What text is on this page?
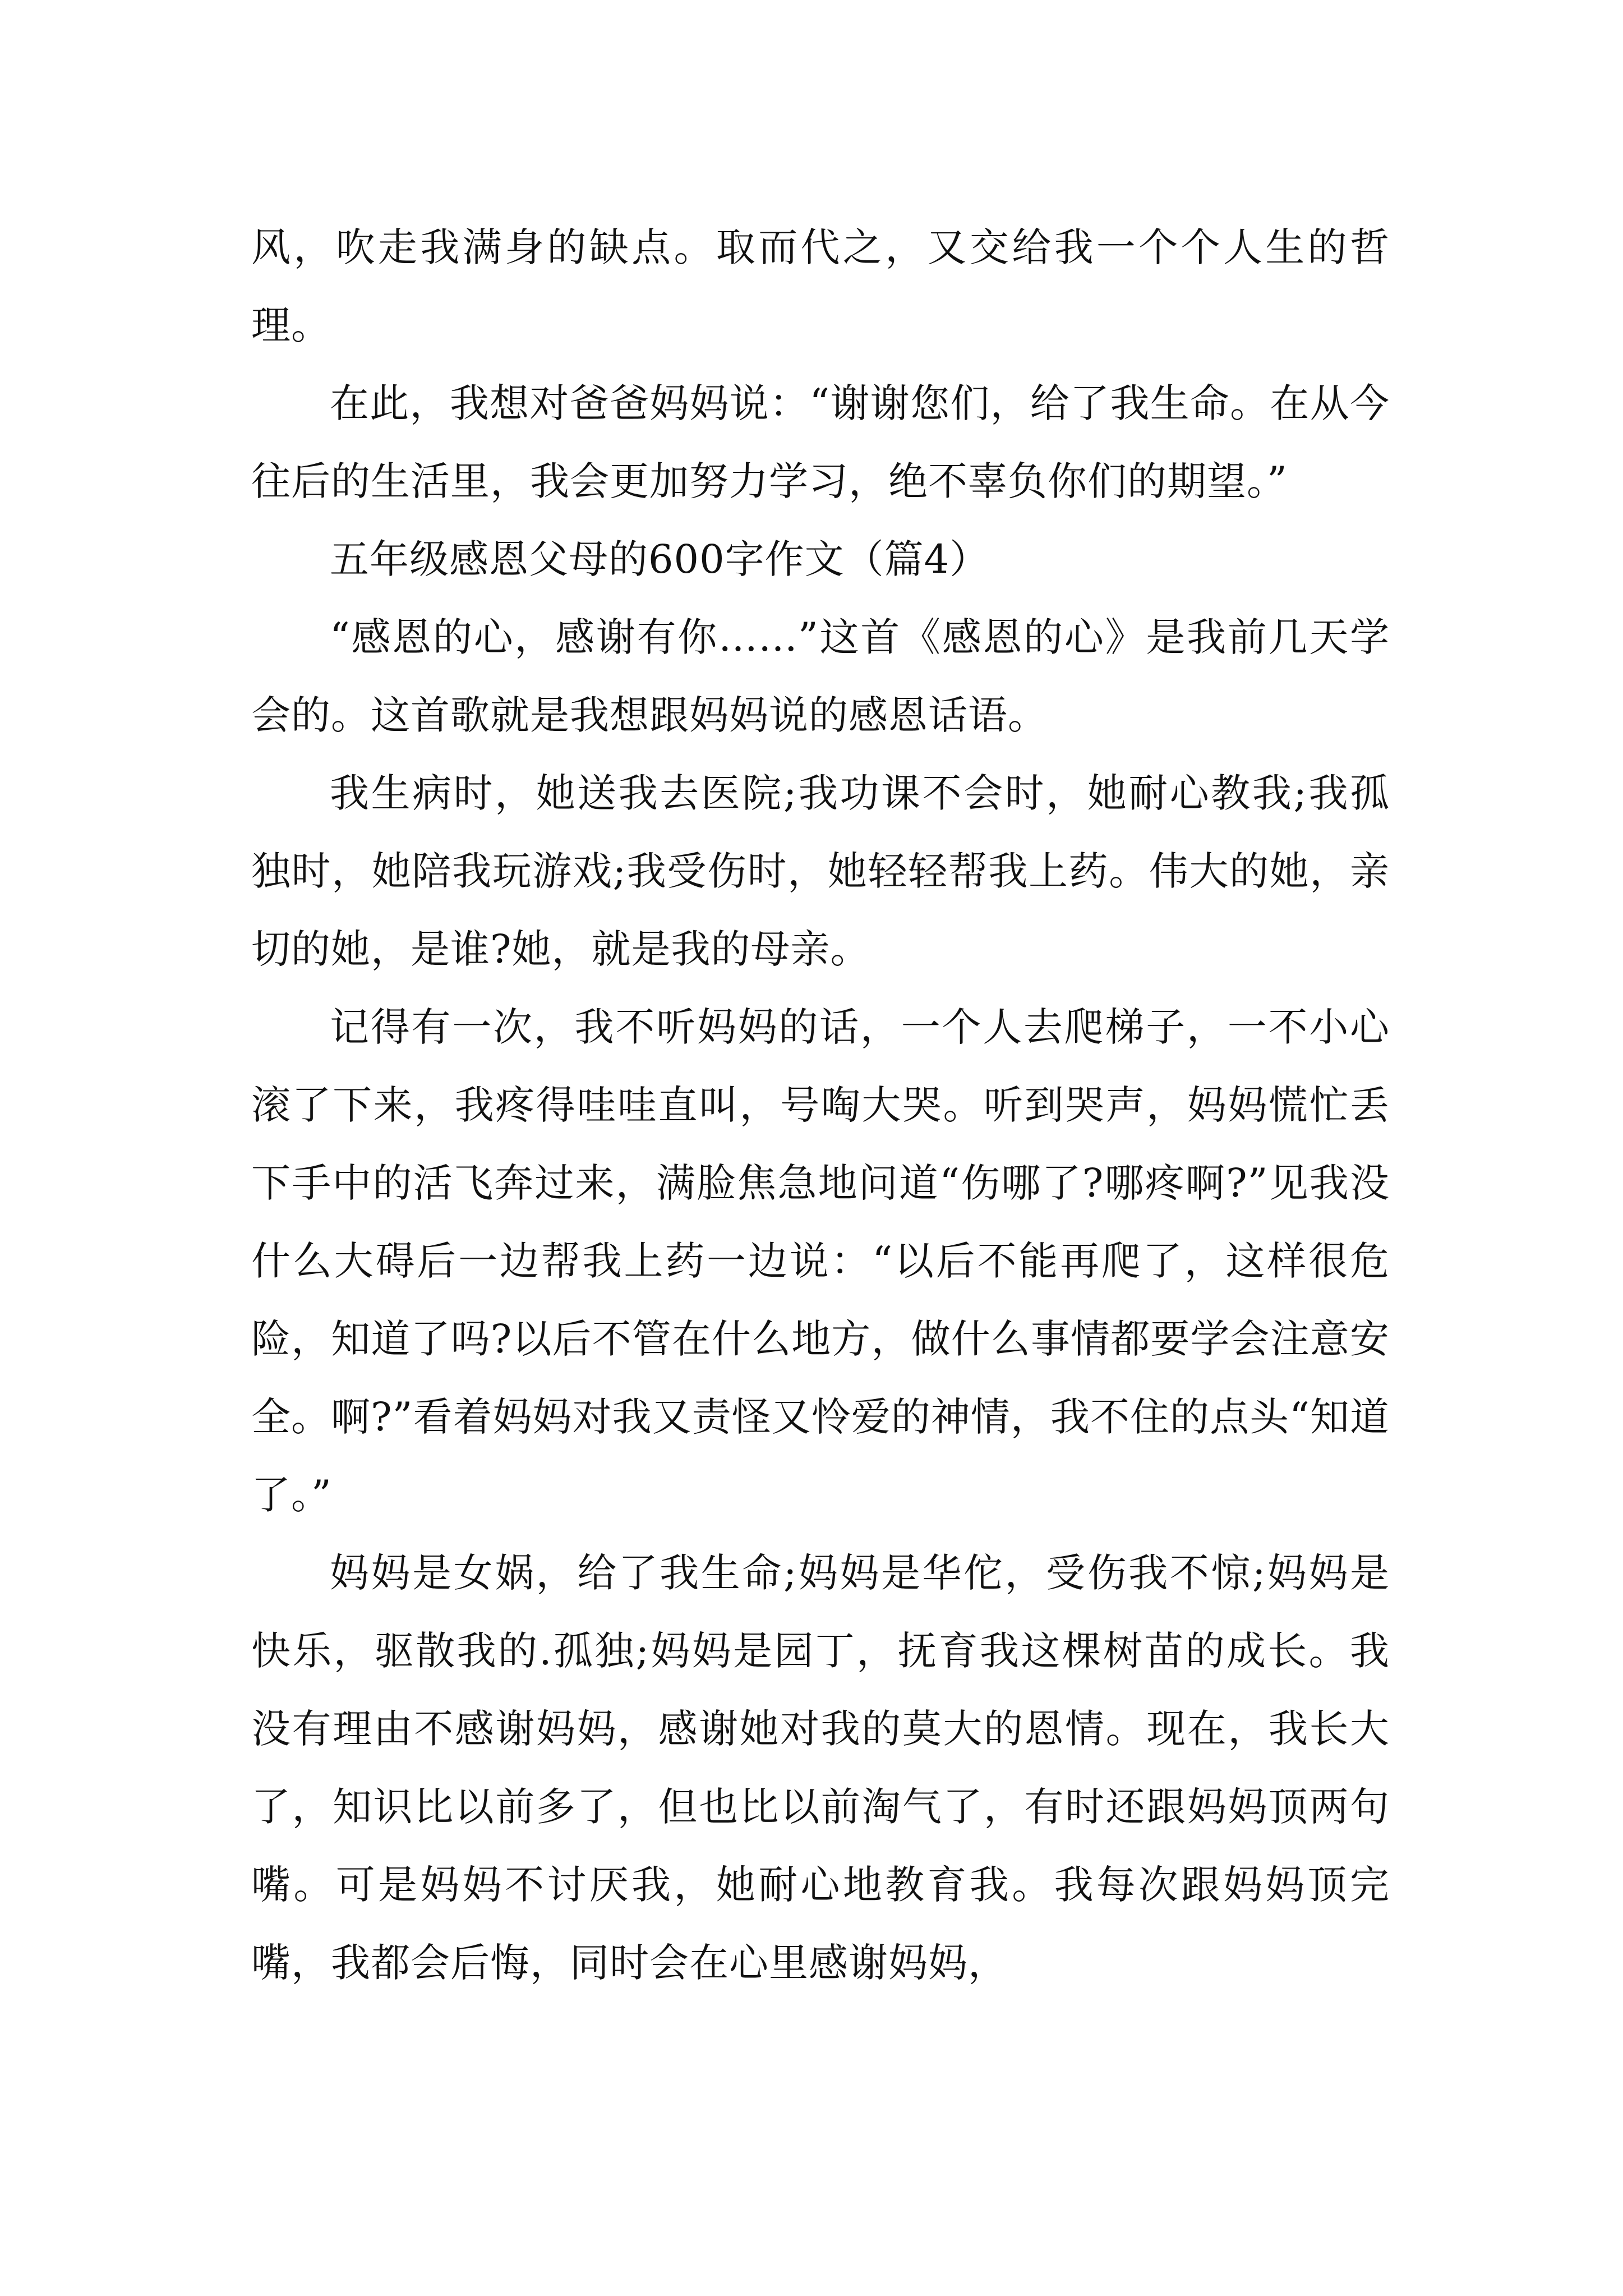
风，吹走我满身的缺点。取而代之，又交给我一个个人生的哲理。

在此，我想对爸爸妈妈说：“谢谢您们，给了我生命。在从今往后的生活里，我会更加努力学习，绝不辜负你们的期望。”

五年级感恩父母的600字作文（篇4）

“感恩的心，感谢有你……”这首《感恩的心》是我前几天学会的。这首歌就是我想跟妈妈说的感恩话语。

我生病时，她送我去医院;我功课不会时，她耐心教我;我孤独时，她陪我玩游戏;我受伤时，她轻轻帮我上药。伟大的她，亲切的她，是谁?她，就是我的母亲。

记得有一次，我不听妈妈的话，一个人去爬梯子，一不小心滚了下来，我疼得哇哇直叫，号啕大哭。听到哭声，妈妈慌忙丢下手中的活飞奔过来，满脸焦急地问道“伤哪了?哪疼啊?”见我没什么大碍后一边帮我上药一边说：“以后不能再爬了，这样很危险，知道了吗?以后不管在什么地方，做什么事情都要学会注意安全。啊?”看着妈妈对我又责怪又怜爱的神情，我不住的点头“知道了。”

妈妈是女娲，给了我生命;妈妈是华佗，受伤我不惊;妈妈是快乐，驱散我的.孤独;妈妈是园丁，抚育我这棵树苗的成长。我没有理由不感谢妈妈，感谢她对我的莫大的恩情。现在，我长大了，知识比以前多了，但也比以前淘气了，有时还跟妈妈顶两句嘴。可是妈妈不讨厌我，她耐心地教育我。我每次跟妈妈顶完嘴，我都会后悔，同时会在心里感谢妈妈，
